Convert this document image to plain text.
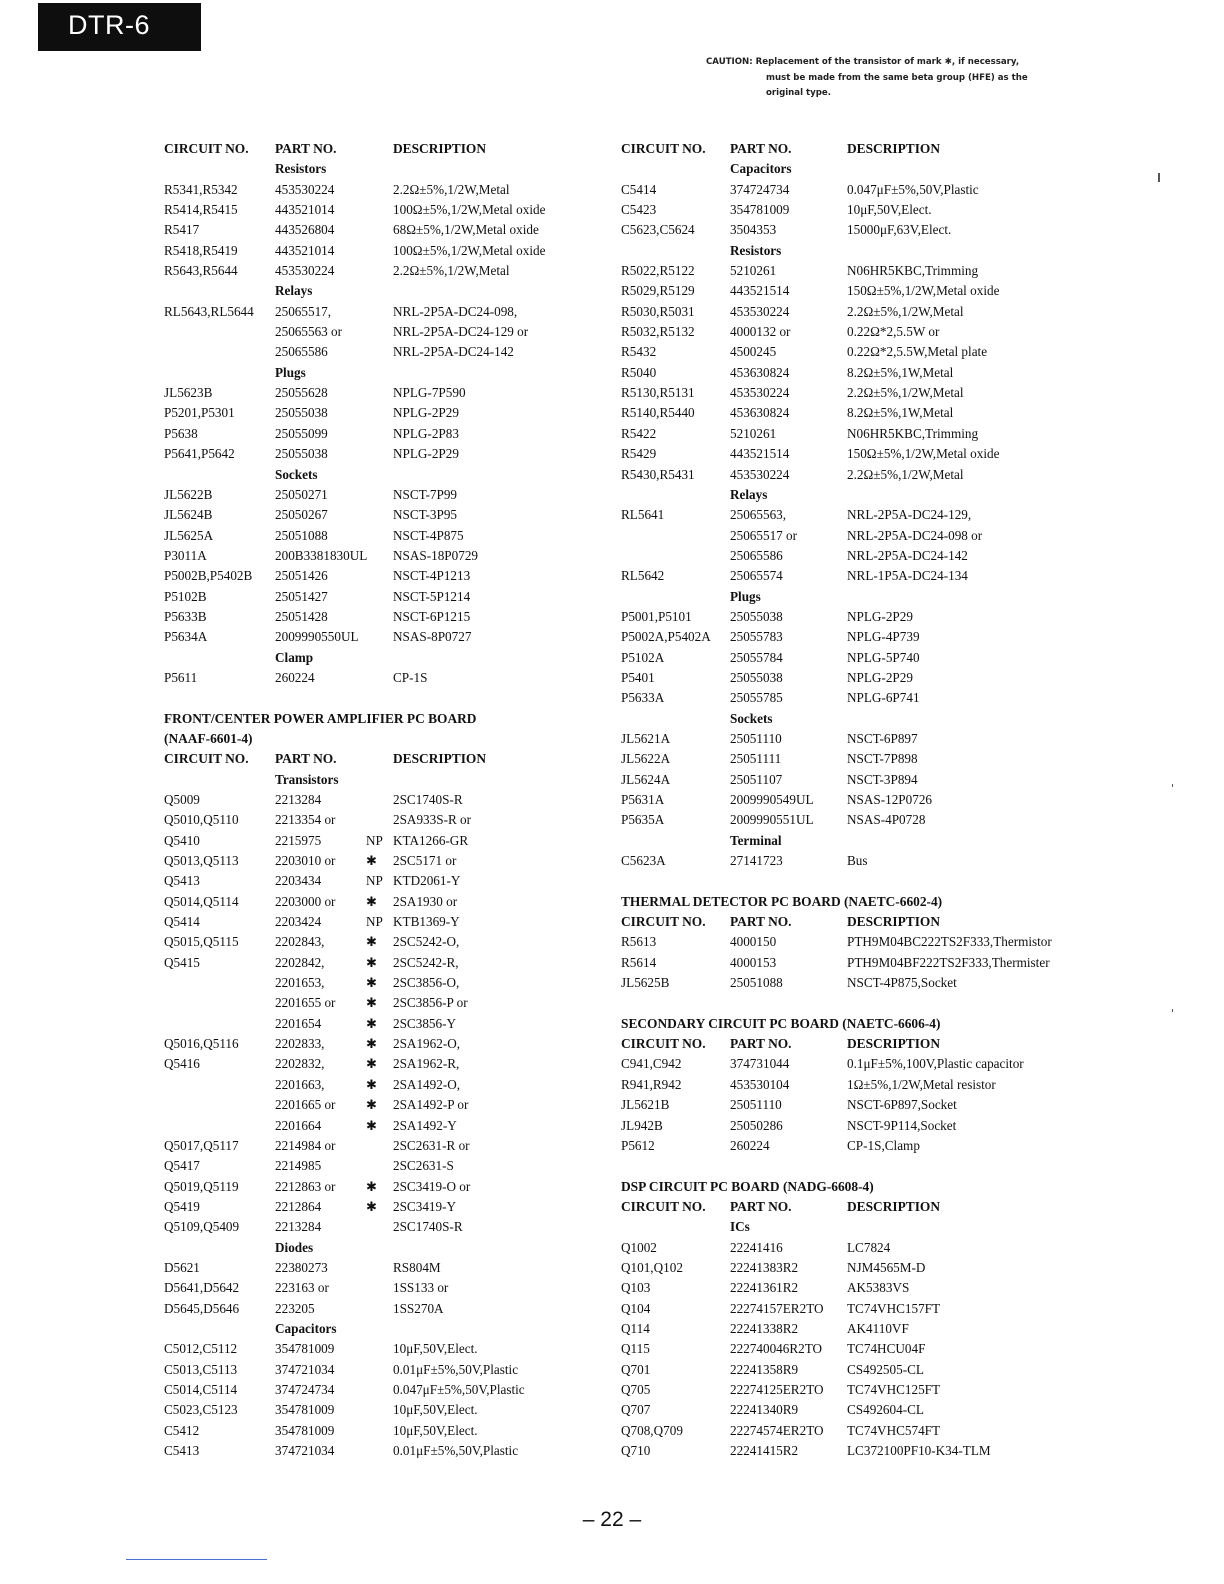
DTR-6
CAUTION: Replacement of the transistor of mark ✱, if necessary,
must be made from the same beta group (HFE) as the
original type.
CIRCUIT NO. PART NO.	DESCRIPTION
Resistors
R5341,R5342	453530224	2.2Ω±5%,1/2W,Metal
R5414,R5415	443521014	100Ω±5%,1/2W,Metal oxide
R5417	443526804	68Ω±5%,1/2W,Metal oxide
R5418,R5419	443521014	100Ω±5%,1/2W,Metal oxide
R5643,R5644	453530224	2.2Ω±5%,1/2W,Metal
Relays
RL5643,RL5644 25065517,	NRL-2P5A-DC24-098,
25065563 or	NRL-2P5A-DC24-129 or
25065586	NRL-2P5A-DC24-142
Plugs
JL5623B	25055628	NPLG-7P590
P5201,P5301	25055038	NPLG-2P29
P5638	25055099	NPLG-2P83
P5641,P5642	25055038	NPLG-2P29
Sockets
JL5622B	25050271	NSCT-7P99
JL5624B	25050267	NSCT-3P95
JL5625A	25051088	NSCT-4P875
P3011A	200B3381830UL NSAS-18P0729
P5002B,P5402B 25051426	NSCT-4P1213
P5102B	25051427	NSCT-5P1214
P5633B	25051428	NSCT-6P1215
P5634A	2009990550UL	NSAS-8P0727
Clamp
P5611	260224	CP-1S
FRONT/CENTER POWER AMPLIFIER PC BOARD
(NAAF-6601-4)
CIRCUIT NO. PART NO.	DESCRIPTION
Transistors
Q5009	2213284	2SC1740S-R
Q5010,Q5110	2213354 or	2SA933S-R or
Q5410	2215975	NP KTA1266-GR
Q5013,Q5113	2203010 or ✱ 2SC5171 or
Q5413	2203434	NP KTD2061-Y
Q5014,Q5114	2203000 or ✱ 2SA1930 or
Q5414	2203424	NP KTB1369-Y
Q5015,Q5115	2202843,	✱ 2SC5242-O,
Q5415	2202842,	✱ 2SC5242-R,
2201653,	✱ 2SC3856-O,
2201655 or ✱ 2SC3856-P or
2201654	✱ 2SC3856-Y
Q5016,Q5116	2202833,	✱ 2SA1962-O,
Q5416	2202832,	✱ 2SA1962-R,
2201663,	✱ 2SA1492-O,
2201665 or ✱ 2SA1492-P or
2201664	✱ 2SA1492-Y
Q5017,Q5117	2214984 or	2SC2631-R or
Q5417	2214985	2SC2631-S
Q5019,Q5119	2212863 or ✱ 2SC3419-O or
Q5419	2212864	✱ 2SC3419-Y
Q5109,Q5409	2213284	2SC1740S-R
Diodes
D5621	22380273	RS804M
D5641,D5642	223163 or	1SS133 or
D5645,D5646	223205	1SS270A
Capacitors
C5012,C5112	354781009	10μF,50V,Elect.
C5013,C5113	374721034	0.01μF±5%,50V,Plastic
C5014,C5114	374724734	0.047μF±5%,50V,Plastic
C5023,C5123	354781009	10μF,50V,Elect.
C5412	354781009	10μF,50V,Elect.
C5413	374721034	0.01μF±5%,50V,Plastic
CIRCUIT NO. PART NO.	DESCRIPTION
Capacitors
C5414	374724734	0.047μF±5%,50V,Plastic
C5423	354781009	10μF,50V,Elect.
C5623,C5624	3504353	15000μF,63V,Elect.
Resistors
R5022,R5122	5210261	N06HR5KBC,Trimming
R5029,R5129	443521514	150Ω±5%,1/2W,Metal oxide
R5030,R5031	453530224	2.2Ω±5%,1/2W,Metal
R5032,R5132	4000132 or	0.22Ω*2,5.5W or
R5432	4500245	0.22Ω*2,5.5W,Metal plate
R5040	453630824	8.2Ω±5%,1W,Metal
R5130,R5131	453530224	2.2Ω±5%,1/2W,Metal
R5140,R5440	453630824	8.2Ω±5%,1W,Metal
R5422	5210261	N06HR5KBC,Trimming
R5429	443521514	150Ω±5%,1/2W,Metal oxide
R5430,R5431	453530224	2.2Ω±5%,1/2W,Metal
Relays
RL5641	25065563,	NRL-2P5A-DC24-129,
25065517 or	NRL-2P5A-DC24-098 or
25065586	NRL-2P5A-DC24-142
RL5642	25065574	NRL-1P5A-DC24-134
Plugs
P5001,P5101	25055038	NPLG-2P29
P5002A,P5402A 25055783	NPLG-4P739
P5102A	25055784	NPLG-5P740
P5401	25055038	NPLG-2P29
P5633A	25055785	NPLG-6P741
Sockets
JL5621A	25051110	NSCT-6P897
JL5622A	25051111	NSCT-7P898
JL5624A	25051107	NSCT-3P894
P5631A	2009990549UL	NSAS-12P0726
P5635A	2009990551UL	NSAS-4P0728
Terminal
C5623A	27141723	Bus
THERMAL DETECTOR PC BOARD (NAETC-6602-4)
CIRCUIT NO. PART NO.	DESCRIPTION
R5613	4000150	PTH9M04BC222TS2F333,Thermistor
R5614	4000153	PTH9M04BF222TS2F333,Thermister
JL5625B	25051088	NSCT-4P875,Socket
SECONDARY CIRCUIT PC BOARD (NAETC-6606-4)
CIRCUIT NO. PART NO.	DESCRIPTION
C941,C942	374731044	0.1μF±5%,100V,Plastic capacitor
R941,R942	453530104	1Ω±5%,1/2W,Metal resistor
JL5621B	25051110	NSCT-6P897,Socket
JL942B	25050286	NSCT-9P114,Socket
P5612	260224	CP-1S,Clamp
DSP CIRCUIT PC BOARD (NADG-6608-4)
CIRCUIT NO. PART NO.	DESCRIPTION
ICs
Q1002	22241416	LC7824
Q101,Q102	22241383R2	NJM4565M-D
Q103	22241361R2	AK5383VS
Q104	22274157ER2TO TC74VHC157FT
Q114	22241338R2	AK4110VF
Q115	222740046R2TO TC74HCU04F
Q701	22241358R9	CS492505-CL
Q705	22274125ER2TO TC74VHC125FT
Q707	22241340R9	CS492604-CL
Q708,Q709	22274574ER2TO TC74VHC574FT
Q710	22241415R2	LC372100PF10-K34-TLM
– 22 –
